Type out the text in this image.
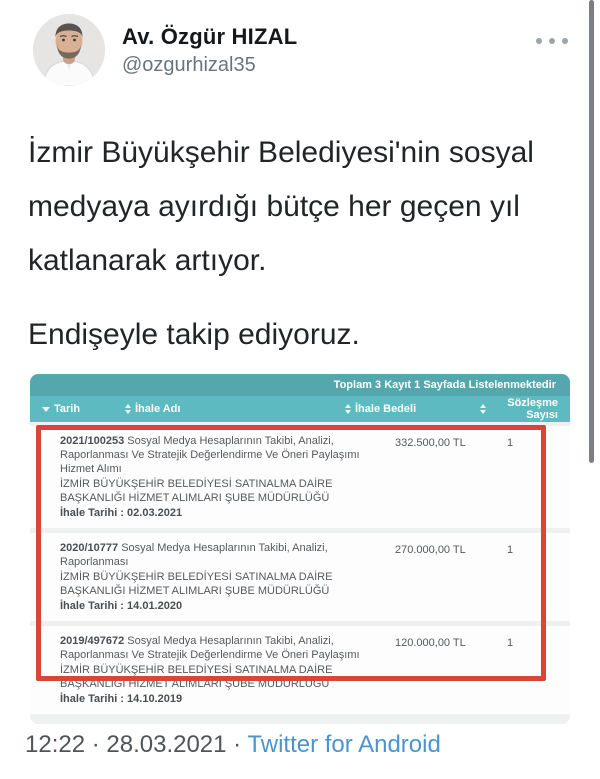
Av. Özgür HIZAL
@ozgurhizal35

İzmir Büyükşehir Belediyesi'nin sosyal medyaya ayırdığı bütçe her geçen yıl katlanarak artıyor.

Endişeyle takip ediyoruz.

Toplam 3 Kayıt 1 Sayfada Listelenmektedir
Tarih	İhale Adı	İhale Bedeli	Sözleşme Sayısı
2021/100253 Sosyal Medya Hesaplarının Takibi, Analizi, Raporlanması Ve Stratejik Değerlendirme Ve Öneri Paylaşımı Hizmet Alımı
İZMİR BÜYÜKŞEHİR BELEDİYESİ SATINALMA DAİRE BAŞKANLIĞI HİZMET ALIMLARI ŞUBE MÜDÜRLÜĞÜ
İhale Tarihi : 02.03.2021
332.500,00 TL	1
2020/10777 Sosyal Medya Hesaplarının Takibi, Analizi, Raporlanması
İZMİR BÜYÜKŞEHİR BELEDİYESİ SATINALMA DAİRE BAŞKANLIĞI HİZMET ALIMLARI ŞUBE MÜDÜRLÜĞÜ
İhale Tarihi : 14.01.2020
270.000,00 TL	1
2019/497672 Sosyal Medya Hesaplarının Takibi, Analizi, Raporlanması Ve Stratejik Değerlendirme Ve Öneri Paylaşımı
İZMİR BÜYÜKŞEHİR BELEDİYESİ SATINALMA DAİRE BAŞKANLIĞI HİZMET ALIMLARI ŞUBE MÜDÜRLÜĞÜ
İhale Tarihi : 14.10.2019
120.000,00 TL	1
12:22 · 28.03.2021 · Twitter for Android
